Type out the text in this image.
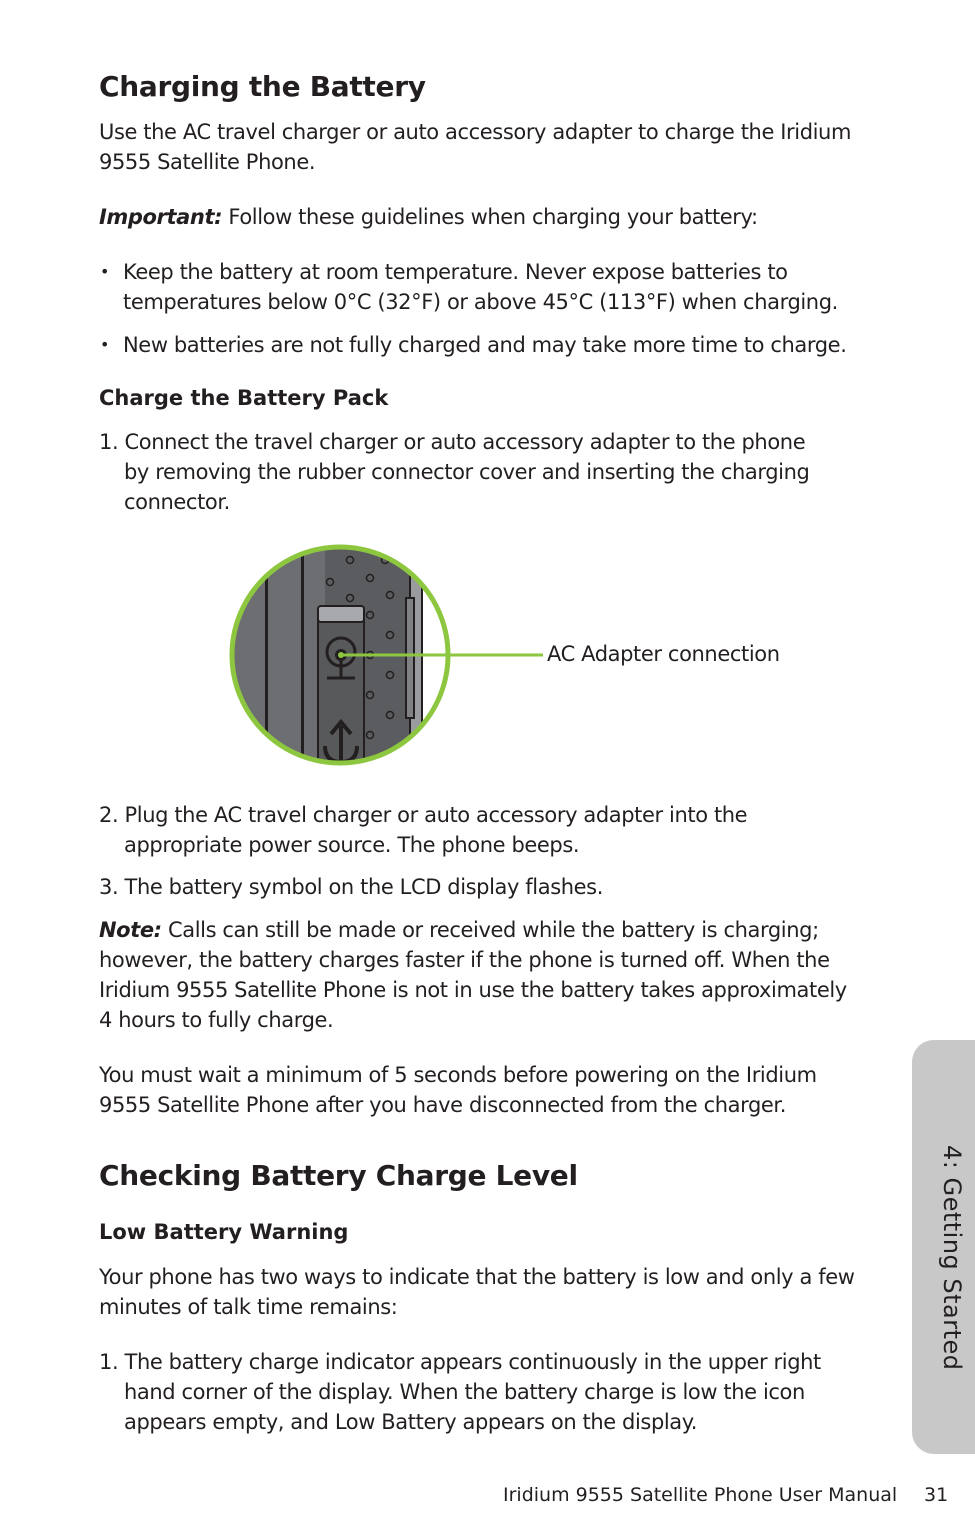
Charging the Battery
Use the AC travel charger or auto accessory adapter to charge the Iridium
9555 Satellite Phone.
Important: Follow these guidelines when charging your battery:
• Keep the battery at room temperature. Never expose batteries to
temperatures below 0°C (32°F) or above 45°C (113°F) when charging.
• New batteries are not fully charged and may take more time to charge.
Charge the Battery Pack
1. Connect the travel charger or auto accessory adapter to the phone
by removing the rubber connector cover and inserting the charging
connector.
AC Adapter connection
2. Plug the AC travel charger or auto accessory adapter into the
appropriate power source. The phone beeps.
3. The battery symbol on the LCD display flashes.
Note: Calls can still be made or received while the battery is charging;
however, the battery charges faster if the phone is turned off. When the
Iridium 9555 Satellite Phone is not in use the battery takes approximately
4 hours to fully charge.
You must wait a minimum of 5 seconds before powering on the Iridium
9555 Satellite Phone after you have disconnected from the charger.
Checking Battery Charge Level
Low Battery Warning
Your phone has two ways to indicate that the battery is low and only a few
minutes of talk time remains:
1. The battery charge indicator appears continuously in the upper right
hand corner of the display. When the battery charge is low the icon
appears empty, and Low Battery appears on the display.
4: Getting Started
Iridium 9555 Satellite Phone User Manual 31
